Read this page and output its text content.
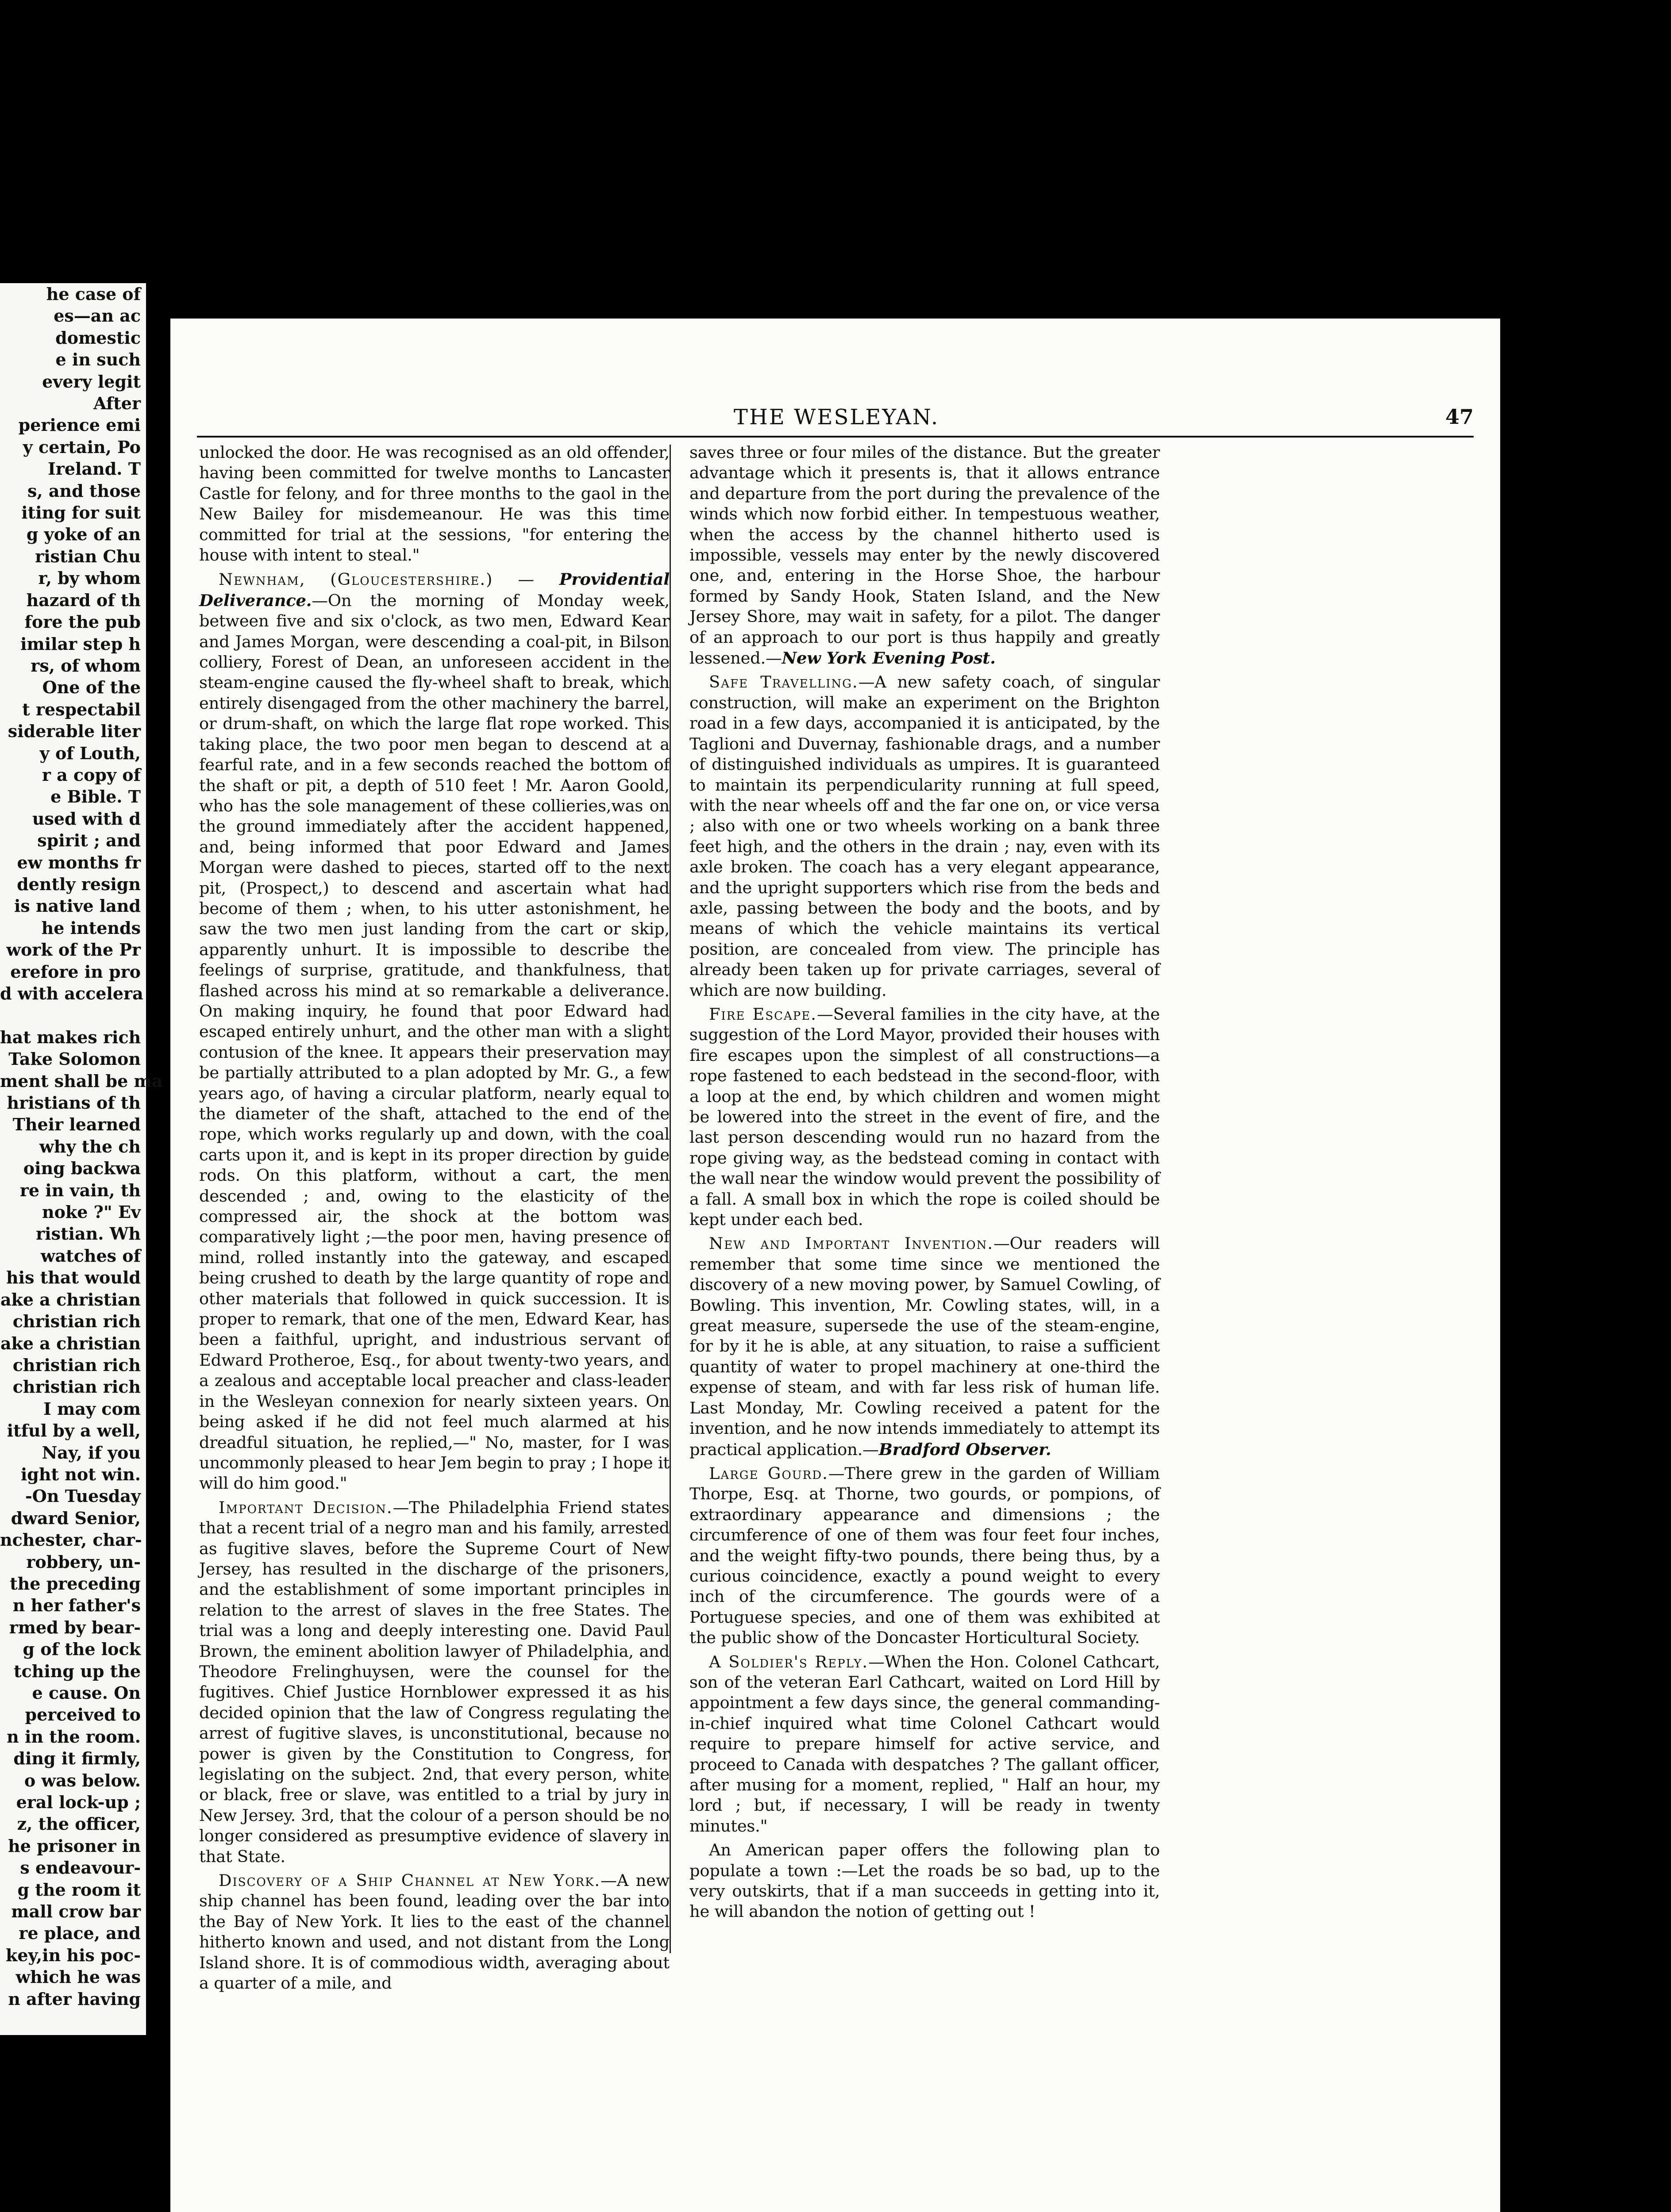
he case of
es—an ac
domestic
e in such
every legit
After
perience emi
y certain, Po
Ireland. T
s, and those
iting for suit
g yoke of an
ristian Chu
r, by whom
hazard of th
fore the pub
imilar step h
rs, of whom
One of the
t respectabil
siderable liter
y of Louth,
r a copy of
e Bible. T
used with d
spirit ; and
ew months fr
dently resign
is native land
he intends
work of the Pr
erefore in pro
d with accelera

hat makes rich
Take Solomon
ment shall be ma
hristians of th
Their learned
why the ch
oing backwa
re in vain, th
noke ?" Ev
ristian. Wh
watches of
his that would
ake a christian
christian rich
ake a christian
christian rich
christian rich
I may com
itful by a well,
Nay, if you
ight not win.
-On Tuesday
dward Senior,
nchester, char-
robbery, un-
the preceding
n her father's
rmed by bear-
g of the lock
tching up the
e cause. On
perceived to
n in the room.
ding it firmly,
o was below.
eral lock-up ;
z, the officer,
he prisoner in
s endeavour-
g the room it
mall crow bar
re place, and
key,in his poc-
which he was
n after having
THE WESLEYAN.	47

unlocked the door. He was recognised as an old offender, having been committed for twelve months to Lancaster Castle for felony, and for three months to the gaol in the New Bailey for misdemeanour. He was this time committed for trial at the sessions, "for entering the house with intent to steal."

Newnham, (Gloucestershire.) — Providential Deliverance.—On the morning of Monday week, between five and six o'clock, as two men, Edward Kear and James Morgan, were descending a coal-pit, in Bilson colliery, Forest of Dean, an unforeseen accident in the steam-engine caused the fly-wheel shaft to break, which entirely disengaged from the other machinery the barrel, or drum-shaft, on which the large flat rope worked. This taking place, the two poor men began to descend at a fearful rate, and in a few seconds reached the bottom of the shaft or pit, a depth of 510 feet ! Mr. Aaron Goold, who has the sole management of these collieries,was on the ground immediately after the accident happened, and, being informed that poor Edward and James Morgan were dashed to pieces, started off to the next pit, (Prospect,) to descend and ascertain what had become of them ; when, to his utter astonishment, he saw the two men just landing from the cart or skip, apparently unhurt. It is impossible to describe the feelings of surprise, gratitude, and thankfulness, that flashed across his mind at so remarkable a deliverance. On making inquiry, he found that poor Edward had escaped entirely unhurt, and the other man with a slight contusion of the knee. It appears their preservation may be partially attributed to a plan adopted by Mr. G., a few years ago, of having a circular platform, nearly equal to the diameter of the shaft, attached to the end of the rope, which works regularly up and down, with the coal carts upon it, and is kept in its proper direction by guide rods. On this platform, without a cart, the men descended ; and, owing to the elasticity of the compressed air, the shock at the bottom was comparatively light ;—the poor men, having presence of mind, rolled instantly into the gateway, and escaped being crushed to death by the large quantity of rope and other materials that followed in quick succession. It is proper to remark, that one of the men, Edward Kear, has been a faithful, upright, and industrious servant of Edward Protheroe, Esq., for about twenty-two years, and a zealous and acceptable local preacher and class-leader in the Wesleyan connexion for nearly sixteen years. On being asked if he did not feel much alarmed at his dreadful situation, he replied,—" No, master, for I was uncommonly pleased to hear Jem begin to pray ; I hope it will do him good."

Important Decision.—The Philadelphia Friend states that a recent trial of a negro man and his family, arrested as fugitive slaves, before the Supreme Court of New Jersey, has resulted in the discharge of the prisoners, and the establishment of some important principles in relation to the arrest of slaves in the free States. The trial was a long and deeply interesting one. David Paul Brown, the eminent abolition lawyer of Philadelphia, and Theodore Frelinghuysen, were the counsel for the fugitives. Chief Justice Hornblower expressed it as his decided opinion that the law of Congress regulating the arrest of fugitive slaves, is unconstitutional, because no power is given by the Constitution to Congress, for legislating on the subject. 2nd, that every person, white or black, free or slave, was entitled to a trial by jury in New Jersey. 3rd, that the colour of a person should be no longer considered as presumptive evidence of slavery in that State.

Discovery of a Ship Channel at New York.—A new ship channel has been found, leading over the bar into the Bay of New York. It lies to the east of the channel hitherto known and used, and not distant from the Long Island shore. It is of commodious width, averaging about a quarter of a mile, and

saves three or four miles of the distance. But the greater advantage which it presents is, that it allows entrance and departure from the port during the prevalence of the winds which now forbid either. In tempestuous weather, when the access by the channel hitherto used is impossible, vessels may enter by the newly discovered one, and, entering in the Horse Shoe, the harbour formed by Sandy Hook, Staten Island, and the New Jersey Shore, may wait in safety, for a pilot. The danger of an approach to our port is thus happily and greatly lessened.—New York Evening Post.

Safe Travelling.—A new safety coach, of singular construction, will make an experiment on the Brighton road in a few days, accompanied it is anticipated, by the Taglioni and Duvernay, fashionable drags, and a number of distinguished individuals as umpires. It is guaranteed to maintain its perpendicularity running at full speed, with the near wheels off and the far one on, or vice versa ; also with one or two wheels working on a bank three feet high, and the others in the drain ; nay, even with its axle broken. The coach has a very elegant appearance, and the upright supporters which rise from the beds and axle, passing between the body and the boots, and by means of which the vehicle maintains its vertical position, are concealed from view. The principle has already been taken up for private carriages, several of which are now building.

Fire Escape.—Several families in the city have, at the suggestion of the Lord Mayor, provided their houses with fire escapes upon the simplest of all constructions—a rope fastened to each bedstead in the second-floor, with a loop at the end, by which children and women might be lowered into the street in the event of fire, and the last person descending would run no hazard from the rope giving way, as the bedstead coming in contact with the wall near the window would prevent the possibility of a fall. A small box in which the rope is coiled should be kept under each bed.

New and Important Invention.—Our readers will remember that some time since we mentioned the discovery of a new moving power, by Samuel Cowling, of Bowling. This invention, Mr. Cowling states, will, in a great measure, supersede the use of the steam-engine, for by it he is able, at any situation, to raise a sufficient quantity of water to propel machinery at one-third the expense of steam, and with far less risk of human life. Last Monday, Mr. Cowling received a patent for the invention, and he now intends immediately to attempt its practical application.—Bradford Observer.

Large Gourd.—There grew in the garden of William Thorpe, Esq. at Thorne, two gourds, or pompions, of extraordinary appearance and dimensions ; the circumference of one of them was four feet four inches, and the weight fifty-two pounds, there being thus, by a curious coincidence, exactly a pound weight to every inch of the circumference. The gourds were of a Portuguese species, and one of them was exhibited at the public show of the Doncaster Horticultural Society.

A Soldier's Reply.—When the Hon. Colonel Cathcart, son of the veteran Earl Cathcart, waited on Lord Hill by appointment a few days since, the general commanding-in-chief inquired what time Colonel Cathcart would require to prepare himself for active service, and proceed to Canada with despatches ? The gallant officer, after musing for a moment, replied, " Half an hour, my lord ; but, if necessary, I will be ready in twenty minutes."

An American paper offers the following plan to populate a town :—Let the roads be so bad, up to the very outskirts, that if a man succeeds in getting into it, he will abandon the notion of getting out !
